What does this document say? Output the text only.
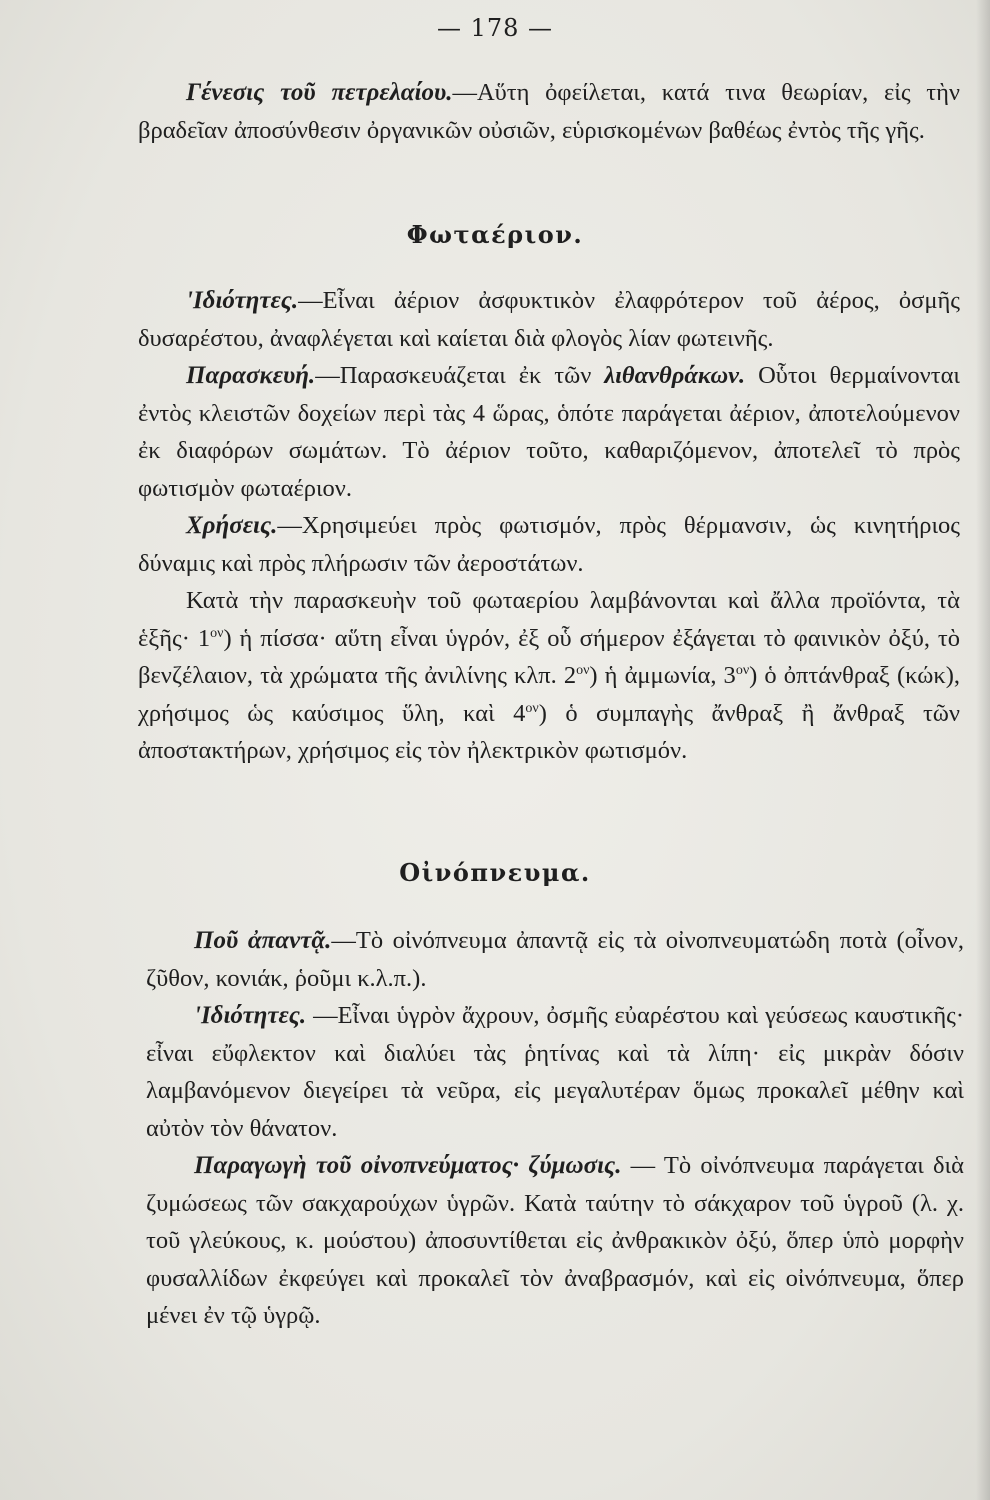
— 178 —

Γένεσις τοῦ πετρελαίου.—Αὕτη ὀφείλεται, κατά τινα θεωρίαν, εἰς τὴν βραδεῖαν ἀποσύνθεσιν ὀργανικῶν οὐσιῶν, εὑρισκομένων βαθέως ἐντὸς τῆς γῆς.

Φωταέριον.

'Ιδιότητες.—Εἶναι ἀέριον ἀσφυκτικὸν ἐλαφρότερον τοῦ ἀέρος, ὀσμῆς δυσαρέστου, ἀναφλέγεται καὶ καίεται διὰ φλογὸς λίαν φωτεινῆς.

Παρασκευή.—Παρασκευάζεται ἐκ τῶν λιθανθράκων. Οὗτοι θερμαίνονται ἐντὸς κλειστῶν δοχείων περὶ τὰς 4 ὥρας, ὁπότε παράγεται ἀέριον, ἀποτελούμενον ἐκ διαφόρων σωμάτων. Τὸ ἀέριον τοῦτο, καθαριζόμενον, ἀποτελεῖ τὸ πρὸς φωτισμὸν φωταέριον.

Χρήσεις.—Χρησιμεύει πρὸς φωτισμόν, πρὸς θέρμανσιν, ὡς κινητήριος δύναμις καὶ πρὸς πλήρωσιν τῶν ἀεροστάτων.

Κατὰ τὴν παρασκευὴν τοῦ φωταερίου λαμβάνονται καὶ ἄλλα προϊόντα, τὰ ἑξῆς· $1^{o\nu}$) ἡ πίσσα· αὕτη εἶναι ὑγρόν, ἐξ οὗ σήμερον ἐξάγεται τὸ φαινικὸν ὀξύ, τὸ βενζέλαιον, τὰ χρώματα τῆς ἀνιλίνης κλπ. $2^{o\nu}$) ἡ ἀμμωνία, $3^{o\nu}$) ὁ ὀπτάνθραξ (κώκ), χρήσιμος ὡς καύσιμος ὕλη, καὶ $4^{o\nu}$) ὁ συμπαγὴς ἄνθραξ ἢ ἄνθραξ τῶν ἀποστακτήρων, χρήσιμος εἰς τὸν ἠλεκτρικὸν φωτισμόν.

Οἰνόπνευμα.

Ποῦ ἀπαντᾷ.—Τὸ οἰνόπνευμα ἀπαντᾷ εἰς τὰ οἰνοπνευματώδη ποτὰ (οἶνον, ζῦθον, κονιάκ, ῥοῦμι κ.λ.π.).

'Ιδιότητες. —Εἶναι ὑγρὸν ἄχρουν, ὀσμῆς εὐαρέστου καὶ γεύσεως καυστικῆς· εἶναι εὔφλεκτον καὶ διαλύει τὰς ῥητίνας καὶ τὰ λίπη· εἰς μικρὰν δόσιν λαμβανόμενον διεγείρει τὰ νεῦρα, εἰς μεγαλυτέραν ὅμως προκαλεῖ μέθην καὶ αὐτὸν τὸν θάνατον.

Παραγωγὴ τοῦ οἰνοπνεύματος· ζύμωσις. — Τὸ οἰνόπνευμα παράγεται διὰ ζυμώσεως τῶν σακχαρούχων ὑγρῶν. Κατὰ ταύτην τὸ σάκχαρον τοῦ ὑγροῦ (λ. χ. τοῦ γλεύκους, κ. μούστου) ἀποσυντίθεται εἰς ἀνθρακικὸν ὀξύ, ὅπερ ὑπὸ μορφὴν φυσαλλίδων ἐκφεύγει καὶ προκαλεῖ τὸν ἀναβρασμόν, καὶ εἰς οἰνόπνευμα, ὅπερ μένει ἐν τῷ ὑγρῷ.
